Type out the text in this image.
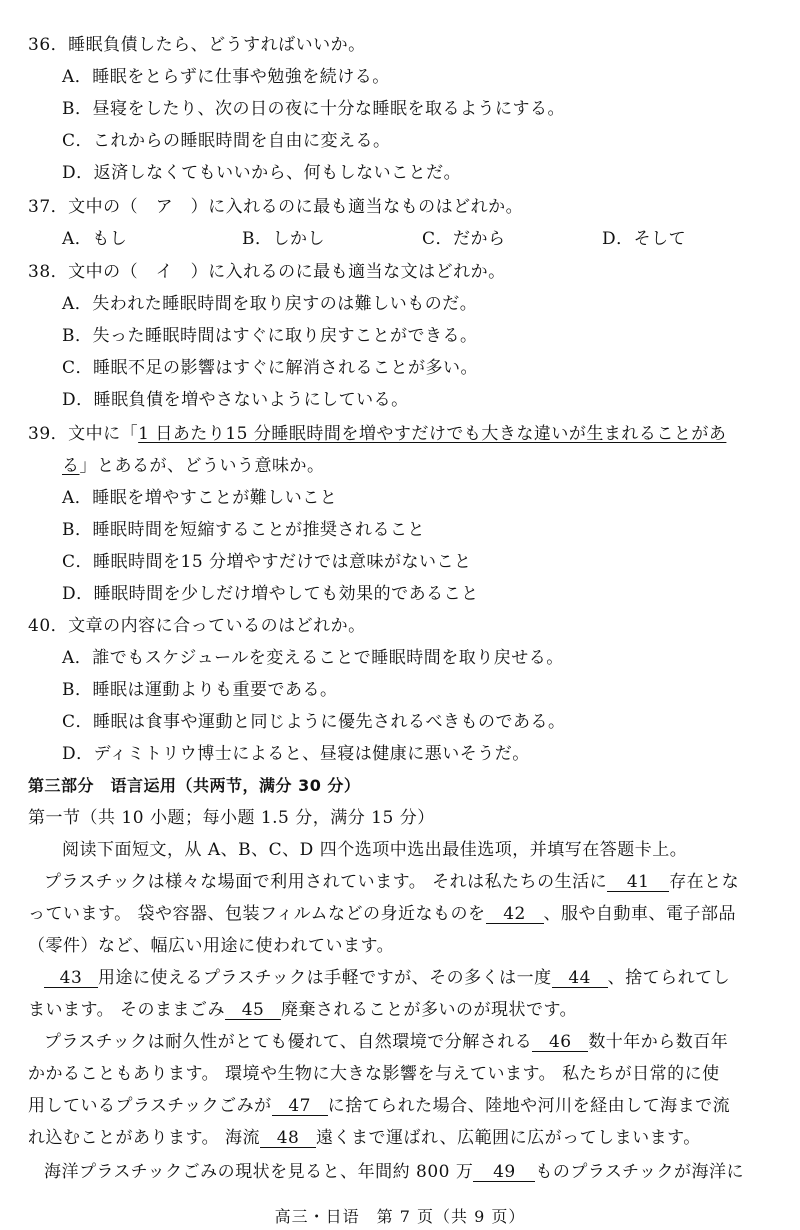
36．睡眠負債したら、どうすればいいか。
A．睡眠をとらずに仕事や勉強を続ける。
B．昼寝をしたり、次の日の夜に十分な睡眠を取るようにする。
C．これからの睡眠時間を自由に変える。
D．返済しなくてもいいから、何もしないことだ。
37．文中の（　ア　）に入れるのに最も適当なものはどれか。
A．もし	B．しかし	C．だから	D．そして
38．文中の（　イ　）に入れるのに最も適当な文はどれか。
A．失われた睡眠時間を取り戻すのは難しいものだ。
B．失った睡眠時間はすぐに取り戻すことができる。
C．睡眠不足の影響はすぐに解消されることが多い。
D．睡眠負債を増やさないようにしている。
39．文中に「1 日あたり15 分睡眠時間を増やすだけでも大きな違いが生まれることがあ
る」とあるが、どういう意味か。
A．睡眠を増やすことが難しいこと
B．睡眠時間を短縮することが推奨されること
C．睡眠時間を15 分増やすだけでは意味がないこと
D．睡眠時間を少しだけ増やしても効果的であること
40．文章の内容に合っているのはどれか。
A．誰でもスケジュールを変えることで睡眠時間を取り戻せる。
B．睡眠は運動よりも重要である。
C．睡眠は食事や運動と同じように優先されるべきものである。
D．ディミトリウ博士によると、昼寝は健康に悪いそうだ。
第三部分　语言运用（共两节，满分 30 分）
第一节（共 10 小题；每小题 1.5 分，满分 15 分）
阅读下面短文，从 A、B、C、D 四个选项中选出最佳选项，并填写在答题卡上。
プラスチックは様々な場面で利用されています。 それは私たちの生活に 41 存在とな
っています。 袋や容器、包装フィルムなどの身近なものを 42 、服や自動車、電子部品
（零件）など、幅広い用途に使われています。
43 用途に使えるプラスチックは手軽ですが、その多くは一度 44 、捨てられてし
まいます。 そのままごみ 45 廃棄されることが多いのが現状です。
プラスチックは耐久性がとても優れて、自然環境で分解される 46 数十年から数百年
かかることもあります。 環境や生物に大きな影響を与えています。 私たちが日常的に使
用しているプラスチックごみが 47 に捨てられた場合、陸地や河川を経由して海まで流
れ込むことがあります。 海流 48 遠くまで運ばれ、広範囲に広がってしまいます。
海洋プラスチックごみの現状を見ると、年間約 800 万 49 ものプラスチックが海洋に
高三・日语　第 7 页（共 9 页）
